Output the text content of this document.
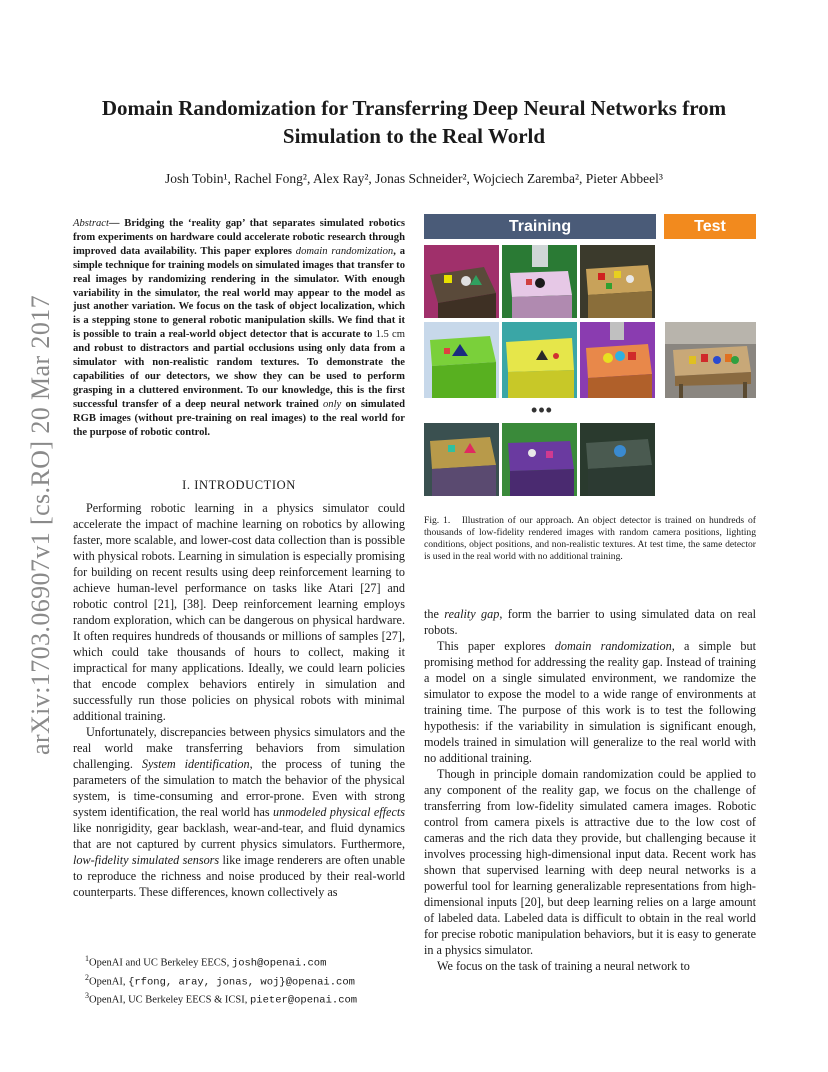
arXiv:1703.06907v1 [cs.RO] 20 Mar 2017
Domain Randomization for Transferring Deep Neural Networks from
Simulation to the Real World
Josh Tobin¹, Rachel Fong², Alex Ray², Jonas Schneider², Wojciech Zaremba², Pieter Abbeel³
Abstract— Bridging the ‘reality gap’ that separates simulated robotics from experiments on hardware could accelerate robotic research through improved data availability. This paper explores domain randomization, a simple technique for training models on simulated images that transfer to real images by randomizing rendering in the simulator. With enough variability in the simulator, the real world may appear to the model as just another variation. We focus on the task of object localization, which is a stepping stone to general robotic manipulation skills. We find that it is possible to train a real-world object detector that is accurate to 1.5 cm and robust to distractors and partial occlusions using only data from a simulator with non-realistic random textures. To demonstrate the capabilities of our detectors, we show they can be used to perform grasping in a cluttered environment. To our knowledge, this is the first successful transfer of a deep neural network trained only on simulated RGB images (without pre-training on real images) to the real world for the purpose of robotic control.
I. INTRODUCTION

Performing robotic learning in a physics simulator could accelerate the impact of machine learning on robotics by allowing faster, more scalable, and lower-cost data collection than is possible with physical robots. Learning in simulation is especially promising for building on recent results using deep reinforcement learning to achieve human-level performance on tasks like Atari [27] and robotic control [21], [38]. Deep reinforcement learning employs random exploration, which can be dangerous on physical hardware. It often requires hundreds of thousands or millions of samples [27], which could take thousands of hours to collect, making it impractical for many applications. Ideally, we could learn policies that encode complex behaviors entirely in simulation and successfully run those policies on physical robots with minimal additional training.

Unfortunately, discrepancies between physics simulators and the real world make transferring behaviors from simulation challenging. System identification, the process of tuning the parameters of the simulation to match the behavior of the physical system, is time-consuming and error-prone. Even with strong system identification, the real world has unmodeled physical effects like nonrigidity, gear backlash, wear-and-tear, and fluid dynamics that are not captured by current physics simulators. Furthermore, low-fidelity simulated sensors like image renderers are often unable to reproduce the richness and noise produced by their real-world counterparts. These differences, known collectively as

$^1$OpenAI and UC Berkeley EECS, josh@openai.com
$^2$OpenAI, {rfong, aray, jonas, woj}@openai.com
$^3$OpenAI, UC Berkeley EECS & ICSI, pieter@openai.com
Training	Test
•••
Fig. 1. Illustration of our approach. An object detector is trained on hundreds of thousands of low-fidelity rendered images with random camera positions, lighting conditions, object positions, and non-realistic textures. At test time, the same detector is used in the real world with no additional training.

the reality gap, form the barrier to using simulated data on real robots.

This paper explores domain randomization, a simple but promising method for addressing the reality gap. Instead of training a model on a single simulated environment, we randomize the simulator to expose the model to a wide range of environments at training time. The purpose of this work is to test the following hypothesis: if the variability in simulation is significant enough, models trained in simulation will generalize to the real world with no additional training.

Though in principle domain randomization could be applied to any component of the reality gap, we focus on the challenge of transferring from low-fidelity simulated camera images. Robotic control from camera pixels is attractive due to the low cost of cameras and the rich data they provide, but challenging because it involves processing high-dimensional input data. Recent work has shown that supervised learning with deep neural networks is a powerful tool for learning generalizable representations from high-dimensional inputs [20], but deep learning relies on a large amount of labeled data. Labeled data is difficult to obtain in the real world for precise robotic manipulation behaviors, but it is easy to generate in a physics simulator.

We focus on the task of training a neural network to
